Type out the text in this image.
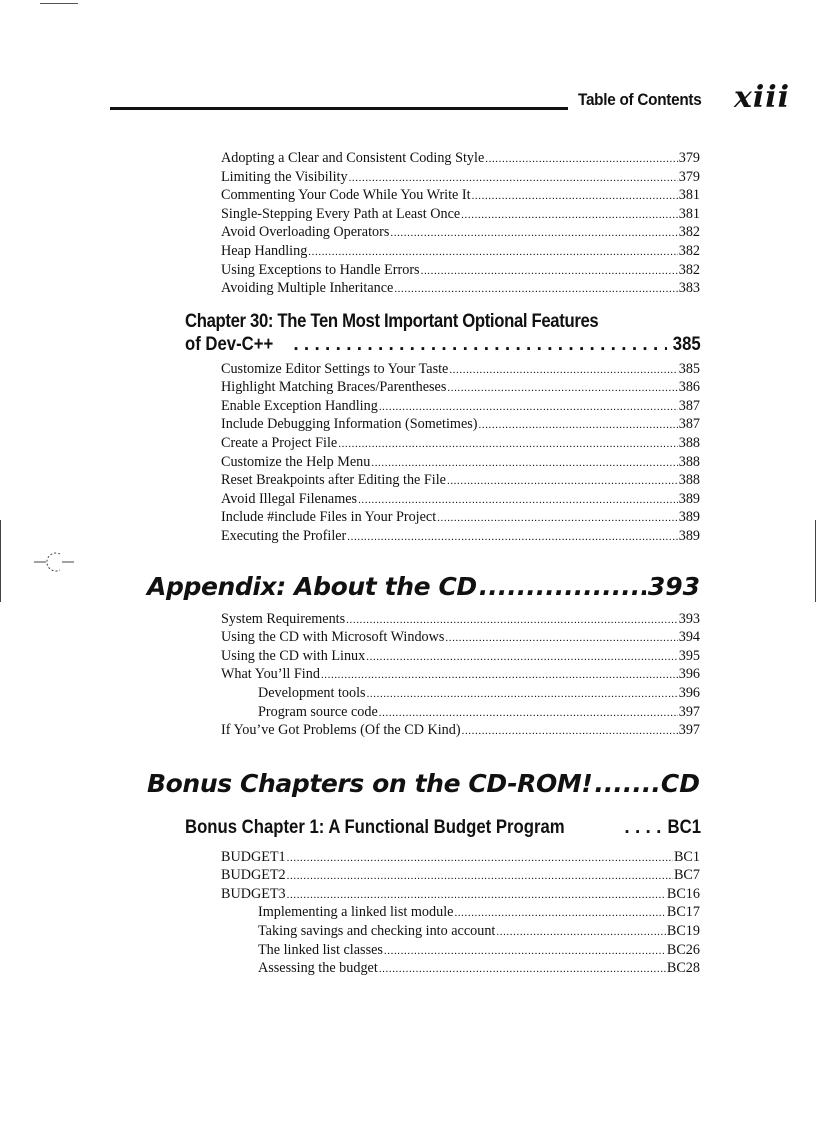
Table of Contents xiii
Adopting a Clear and Consistent Coding Style .....	379
Limiting the Visibility .....	379
Commenting Your Code While You Write It .....	381
Single-Stepping Every Path at Least Once .....	381
Avoid Overloading Operators .....	382
Heap Handling .....	382
Using Exceptions to Handle Errors .....	382
Avoiding Multiple Inheritance .....	383
Chapter 30: The Ten Most Important Optional Features
of Dev-C++ .....	385
Customize Editor Settings to Your Taste .....	385
Highlight Matching Braces/Parentheses .....	386
Enable Exception Handling .....	387
Include Debugging Information (Sometimes) .....	387
Create a Project File .....	388
Customize the Help Menu .....	388
Reset Breakpoints after Editing the File .....	388
Avoid Illegal Filenames .....	389
Include #include Files in Your Project .....	389
Executing the Profiler .....	389
Appendix: About the CD .....	393
System Requirements .....	393
Using the CD with Microsoft Windows .....	394
Using the CD with Linux .....	395
What You’ll Find .....	396
Development tools .....	396
Program source code .....	397
If You’ve Got Problems (Of the CD Kind) .....	397
Bonus Chapters on the CD-ROM! .....	CD
Bonus Chapter 1: A Functional Budget Program .....	BC1
BUDGET1 .....	BC1
BUDGET2 .....	BC7
BUDGET3 .....	BC16
Implementing a linked list module .....	BC17
Taking savings and checking into account .....	BC19
The linked list classes .....	BC26
Assessing the budget .....	BC28
